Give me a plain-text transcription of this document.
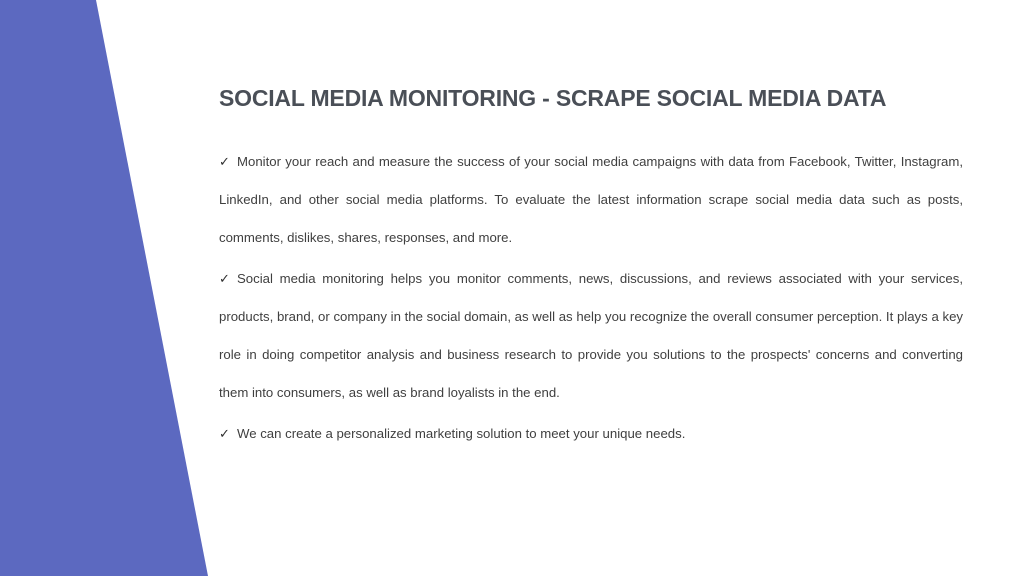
SOCIAL MEDIA MONITORING - SCRAPE SOCIAL MEDIA DATA
✓ Monitor your reach and measure the success of your social media campaigns with data from Facebook, Twitter, Instagram, LinkedIn, and other social media platforms. To evaluate the latest information scrape social media data such as posts, comments, dislikes, shares, responses, and more.
✓ Social media monitoring helps you monitor comments, news, discussions, and reviews associated with your services, products, brand, or company in the social domain, as well as help you recognize the overall consumer perception. It plays a key role in doing competitor analysis and business research to provide you solutions to the prospects' concerns and converting them into consumers, as well as brand loyalists in the end.
✓ We can create a personalized marketing solution to meet your unique needs.
